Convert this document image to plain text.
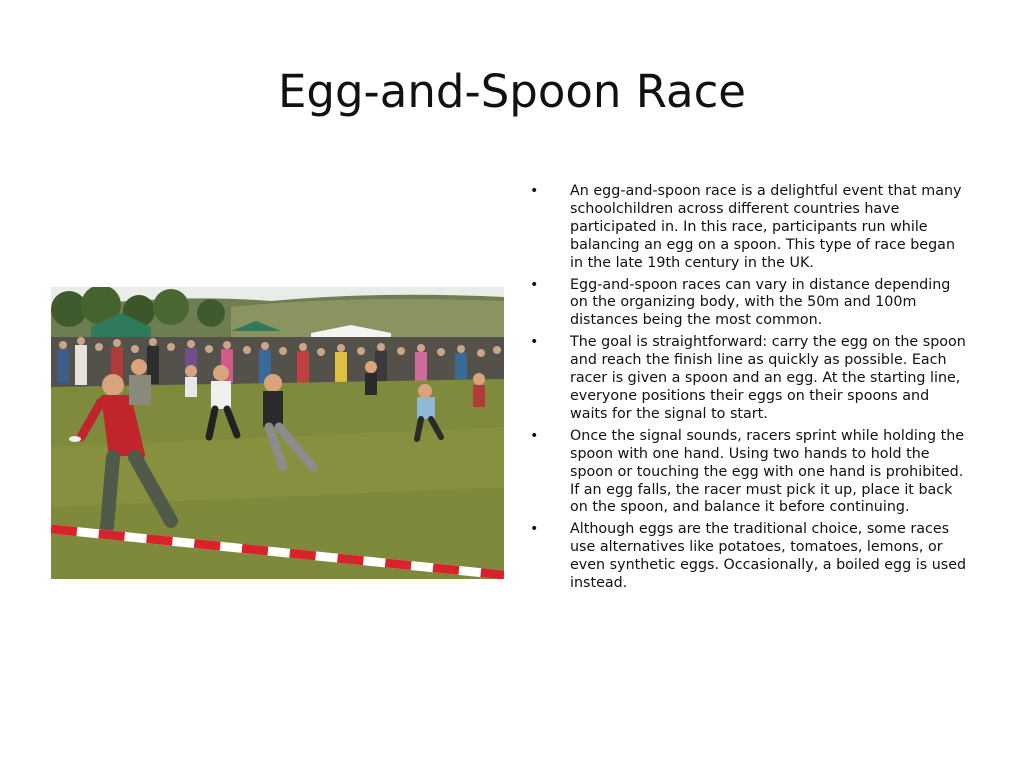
Egg-and-Spoon Race
•	An egg-and-spoon race is a delightful event that many schoolchildren across different countries have participated in. In this race, participants run while balancing an egg on a spoon. This type of race began in the late 19th century in the UK.
•	Egg-and-spoon races can vary in distance depending on the organizing body, with the 50m and 100m distances being the most common.
•	The goal is straightforward: carry the egg on the spoon and reach the finish line as quickly as possible. Each racer is given a spoon and an egg. At the starting line, everyone positions their eggs on their spoons and waits for the signal to start.
•	Once the signal sounds, racers sprint while holding the spoon with one hand. Using two hands to hold the spoon or touching the egg with one hand is prohibited. If an egg falls, the racer must pick it up, place it back on the spoon, and balance it before continuing.
•	Although eggs are the traditional choice, some races use alternatives like potatoes, tomatoes, lemons, or even synthetic eggs. Occasionally, a boiled egg is used instead.
